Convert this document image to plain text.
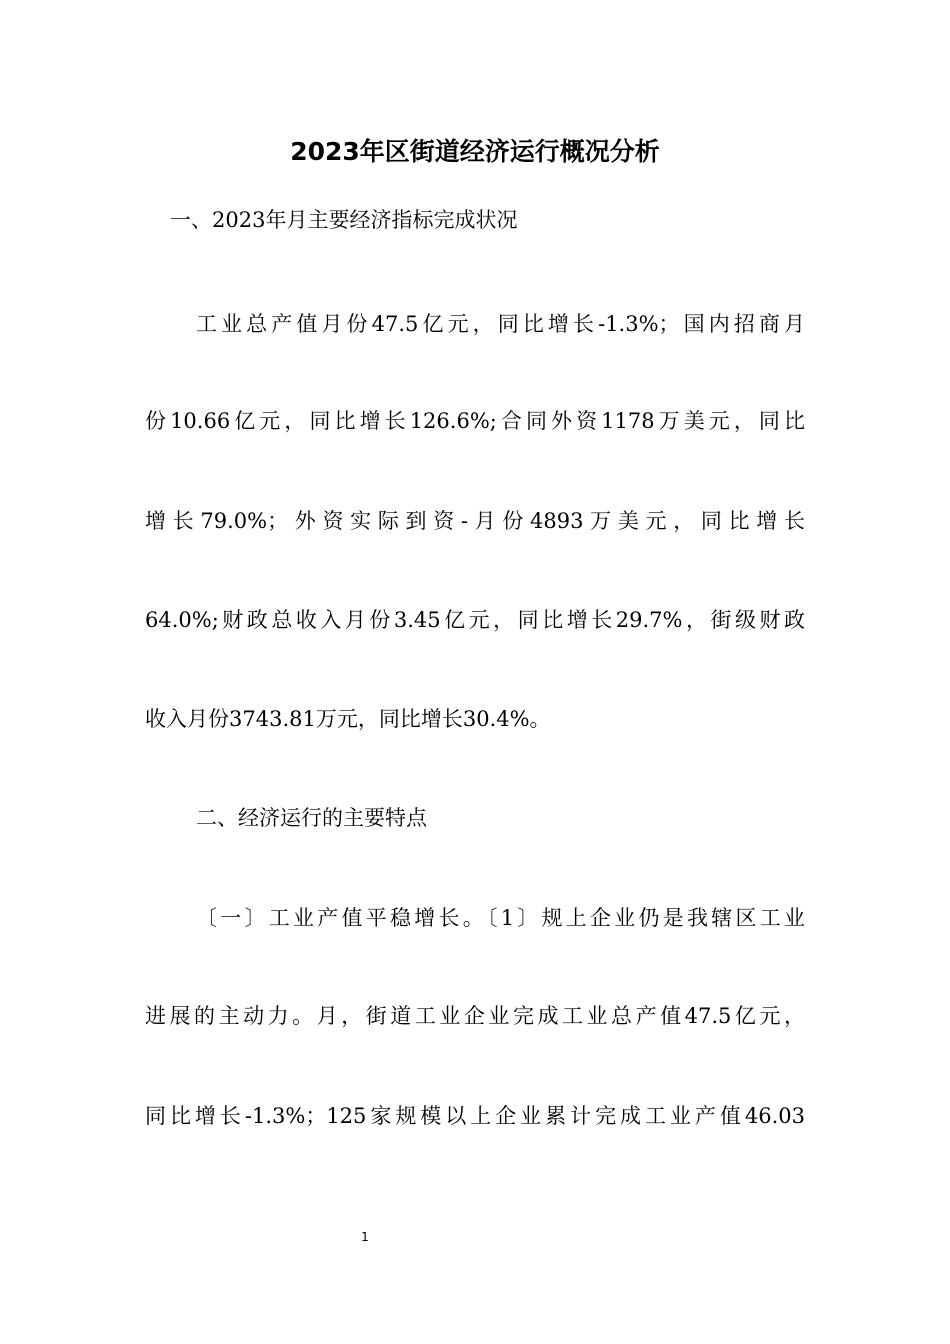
2023年区街道经济运行概况分析
一、2023年月主要经济指标完成状况
工业总产值月份47.5亿元，同比增长-1.3%；国内招商月
份10.66亿元，同比增长126.6%;合同外资1178万美元，同比
增长79.0%；外资实际到资-月份4893万美元，同比增长
64.0%;财政总收入月份3.45亿元，同比增长29.7%，街级财政
收入月份3743.81万元，同比增长30.4%。
二、经济运行的主要特点
〔一〕工业产值平稳增长。〔1〕规上企业仍是我辖区工业
进展的主动力。月，街道工业企业完成工业总产值47.5亿元，
同比增长-1.3%；125家规模以上企业累计完成工业产值46.03
1
